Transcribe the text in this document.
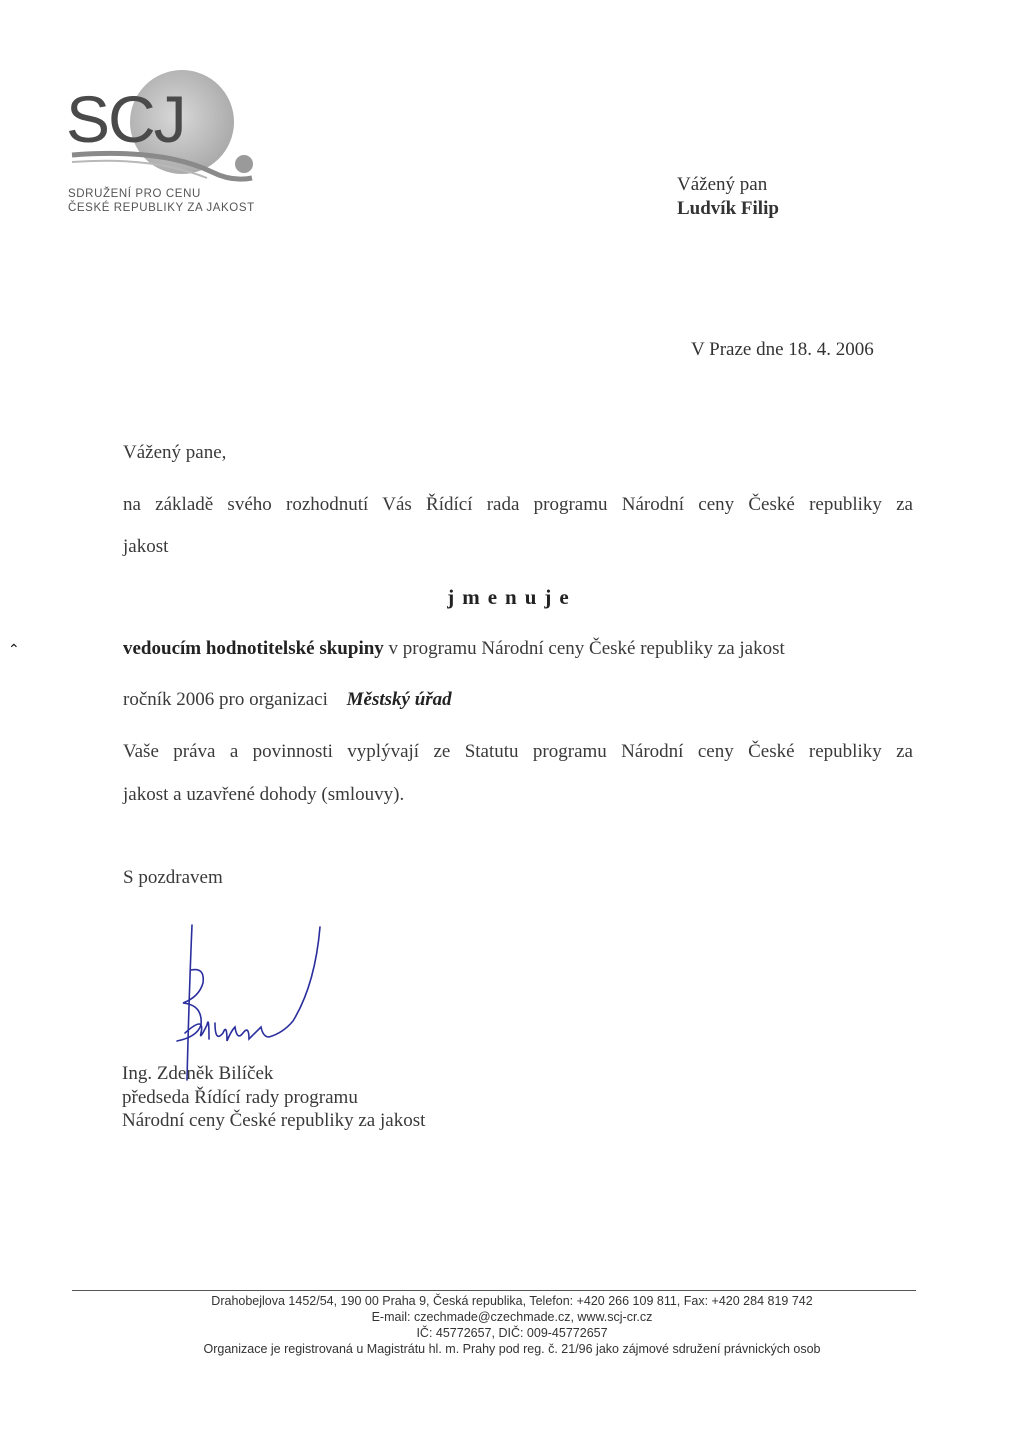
SCJ
SDRUŽENÍ PRO CENU
ČESKÉ REPUBLIKY ZA JAKOST
Vážený pan
Ludvík Filip
V Praze dne 18. 4. 2006
Vážený pane,
na základě svého rozhodnutí Vás Řídící rada programu Národní ceny České republiky za
jakost
jmenuje
vedoucím hodnotitelské skupiny v programu Národní ceny České republiky za jakost
ročník 2006 pro organizaci Městský úřad
Vaše práva a povinnosti vyplývají ze Statutu programu Národní ceny České republiky za
jakost a uzavřené dohody (smlouvy).
S pozdravem
Ing. Zdeněk Bilíček
předseda Řídící rady programu
Národní ceny České republiky za jakost
Drahobejlova 1452/54, 190 00 Praha 9, Česká republika, Telefon: +420 266 109 811, Fax: +420 284 819 742
E-mail: czechmade@czechmade.cz, www.scj-cr.cz
IČ: 45772657, DIČ: 009-45772657
Organizace je registrovaná u Magistrátu hl. m. Prahy pod reg. č. 21/96 jako zájmové sdružení právnických osob
⌃
